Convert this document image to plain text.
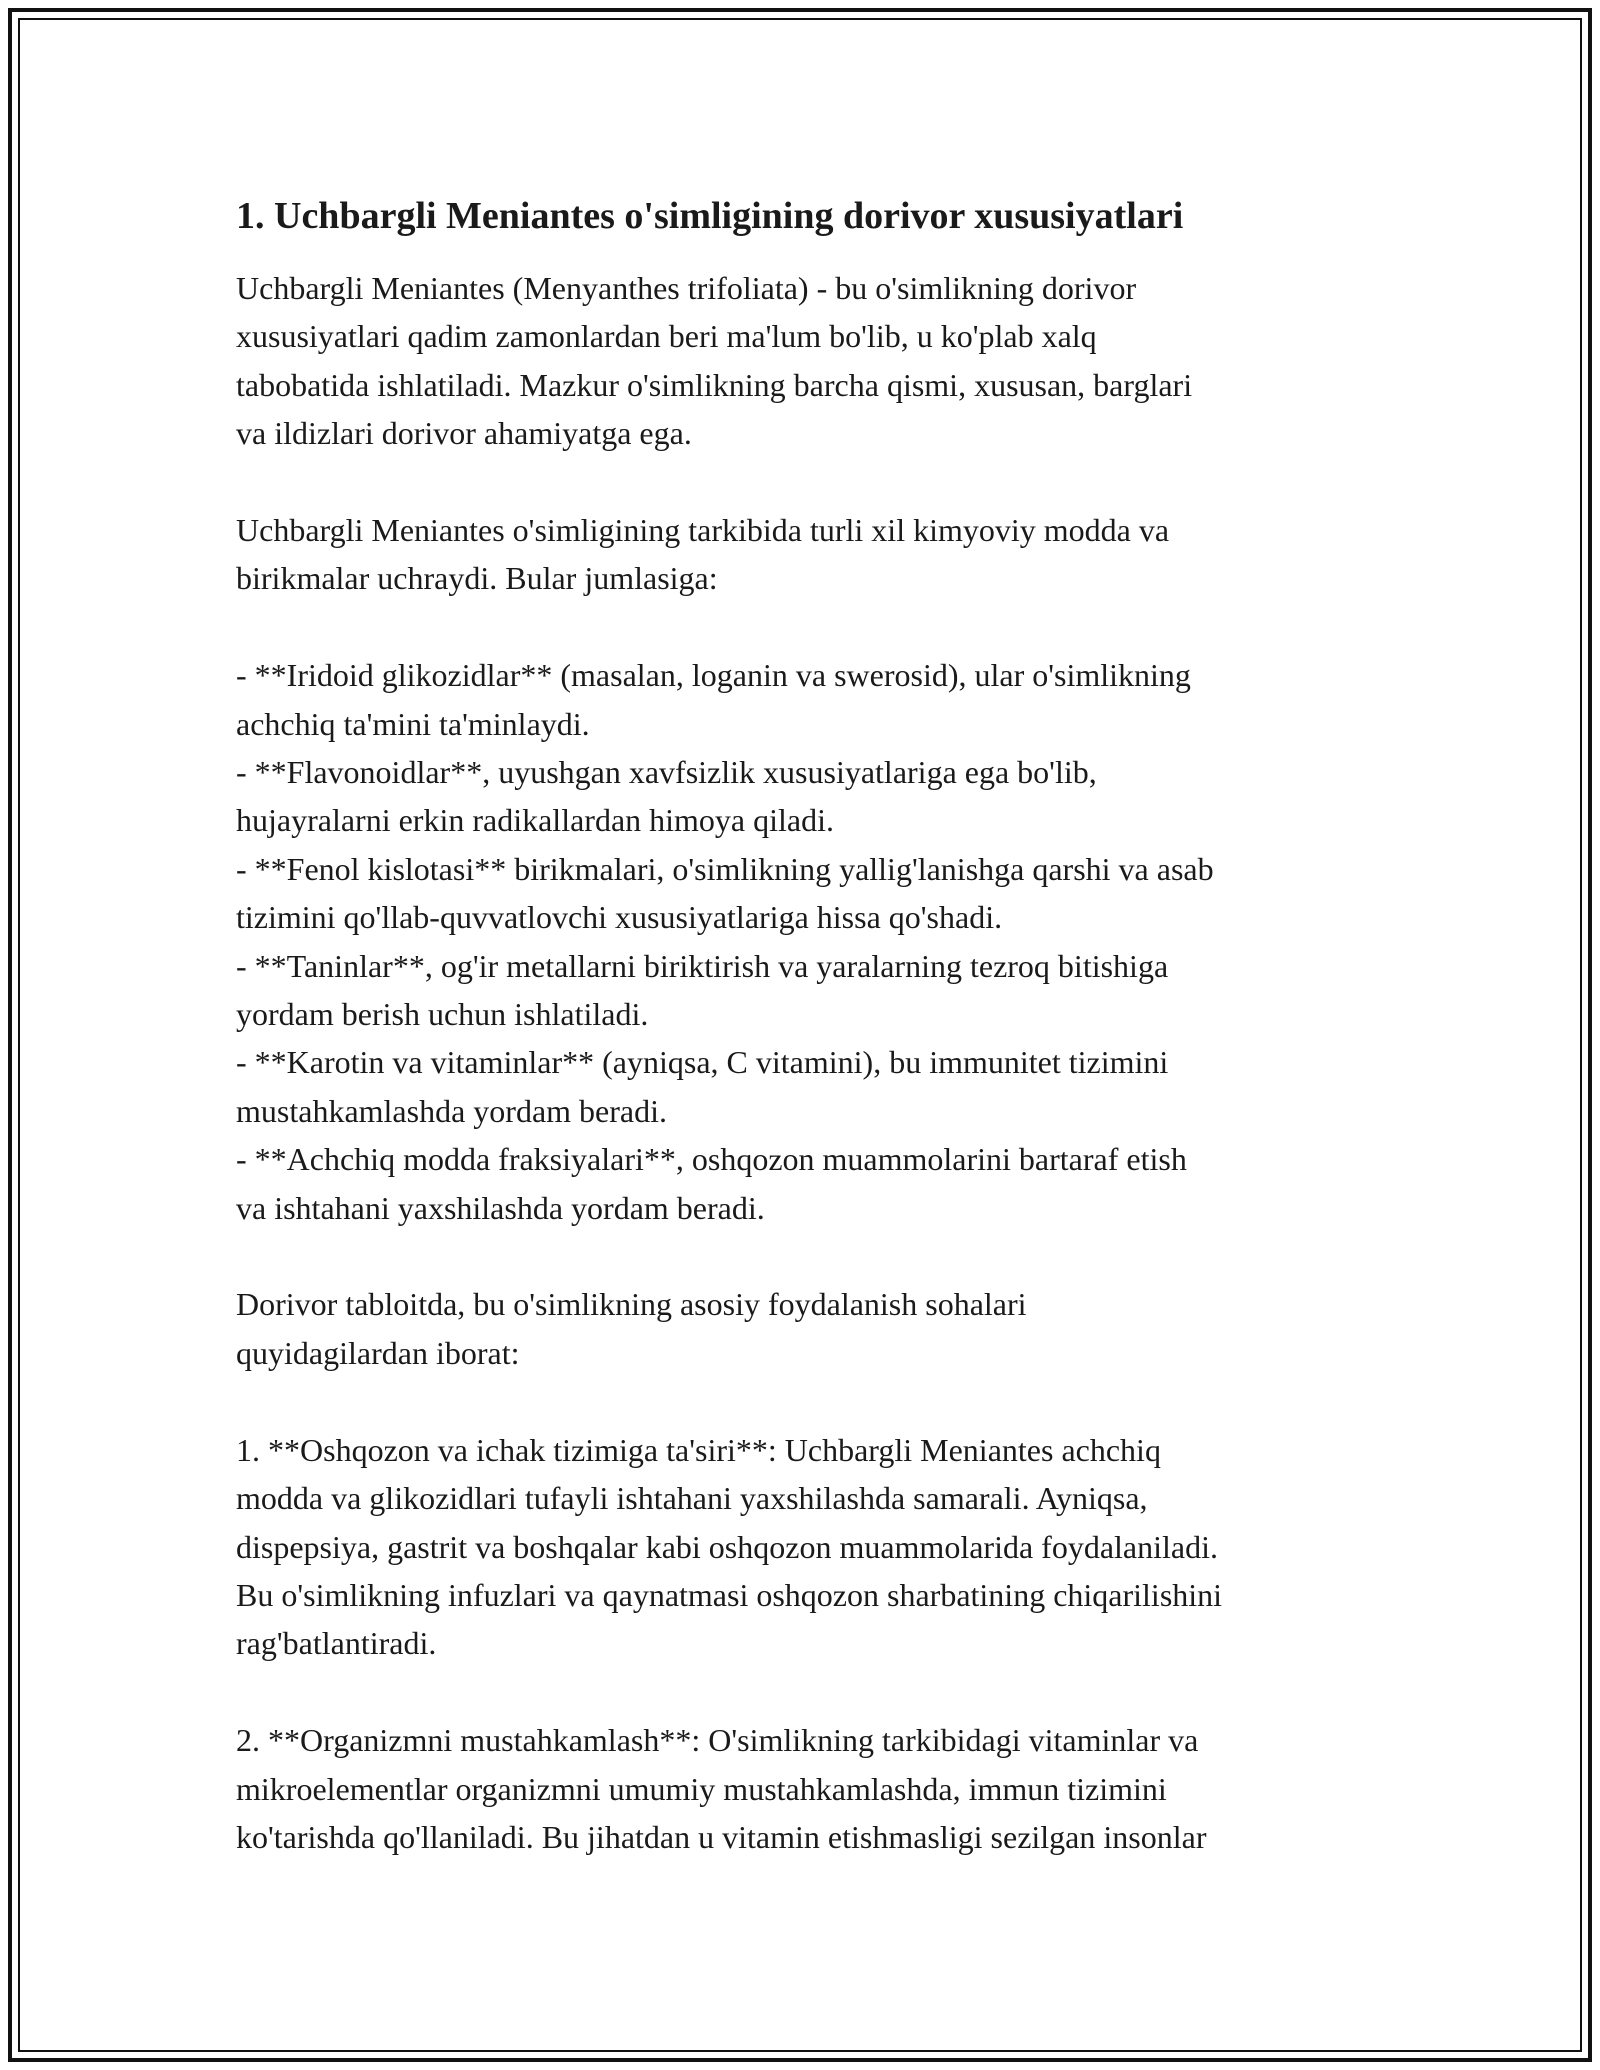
1. Uchbargli Meniantes o'simligining dorivor xususiyatlari

Uchbargli Meniantes (Menyanthes trifoliata) - bu o'simlikning dorivor

xususiyatlari qadim zamonlardan beri ma'lum bo'lib, u ko'plab xalq

tabobatida ishlatiladi. Mazkur o'simlikning barcha qismi, xususan, barglari

va ildizlari dorivor ahamiyatga ega.

Uchbargli Meniantes o'simligining tarkibida turli xil kimyoviy modda va

birikmalar uchraydi. Bular jumlasiga:

- **Iridoid glikozidlar** (masalan, loganin va swerosid), ular o'simlikning

achchiq ta'mini ta'minlaydi.

- **Flavonoidlar**, uyushgan xavfsizlik xususiyatlariga ega bo'lib,

hujayralarni erkin radikallardan himoya qiladi.

- **Fenol kislotasi** birikmalari, o'simlikning yallig'lanishga qarshi va asab

tizimini qo'llab-quvvatlovchi xususiyatlariga hissa qo'shadi.

- **Taninlar**, og'ir metallarni biriktirish va yaralarning tezroq bitishiga

yordam berish uchun ishlatiladi.

- **Karotin va vitaminlar** (ayniqsa, C vitamini), bu immunitet tizimini

mustahkamlashda yordam beradi.

- **Achchiq modda fraksiyalari**, oshqozon muammolarini bartaraf etish

va ishtahani yaxshilashda yordam beradi.

Dorivor tabloitda, bu o'simlikning asosiy foydalanish sohalari

quyidagilardan iborat:

1. **Oshqozon va ichak tizimiga ta'siri**: Uchbargli Meniantes achchiq

modda va glikozidlari tufayli ishtahani yaxshilashda samarali. Ayniqsa,

dispepsiya, gastrit va boshqalar kabi oshqozon muammolarida foydalaniladi.

Bu o'simlikning infuzlari va qaynatmasi oshqozon sharbatining chiqarilishini

rag'batlantiradi.

2. **Organizmni mustahkamlash**: O'simlikning tarkibidagi vitaminlar va

mikroelementlar organizmni umumiy mustahkamlashda, immun tizimini

ko'tarishda qo'llaniladi. Bu jihatdan u vitamin etishmasligi sezilgan insonlar
